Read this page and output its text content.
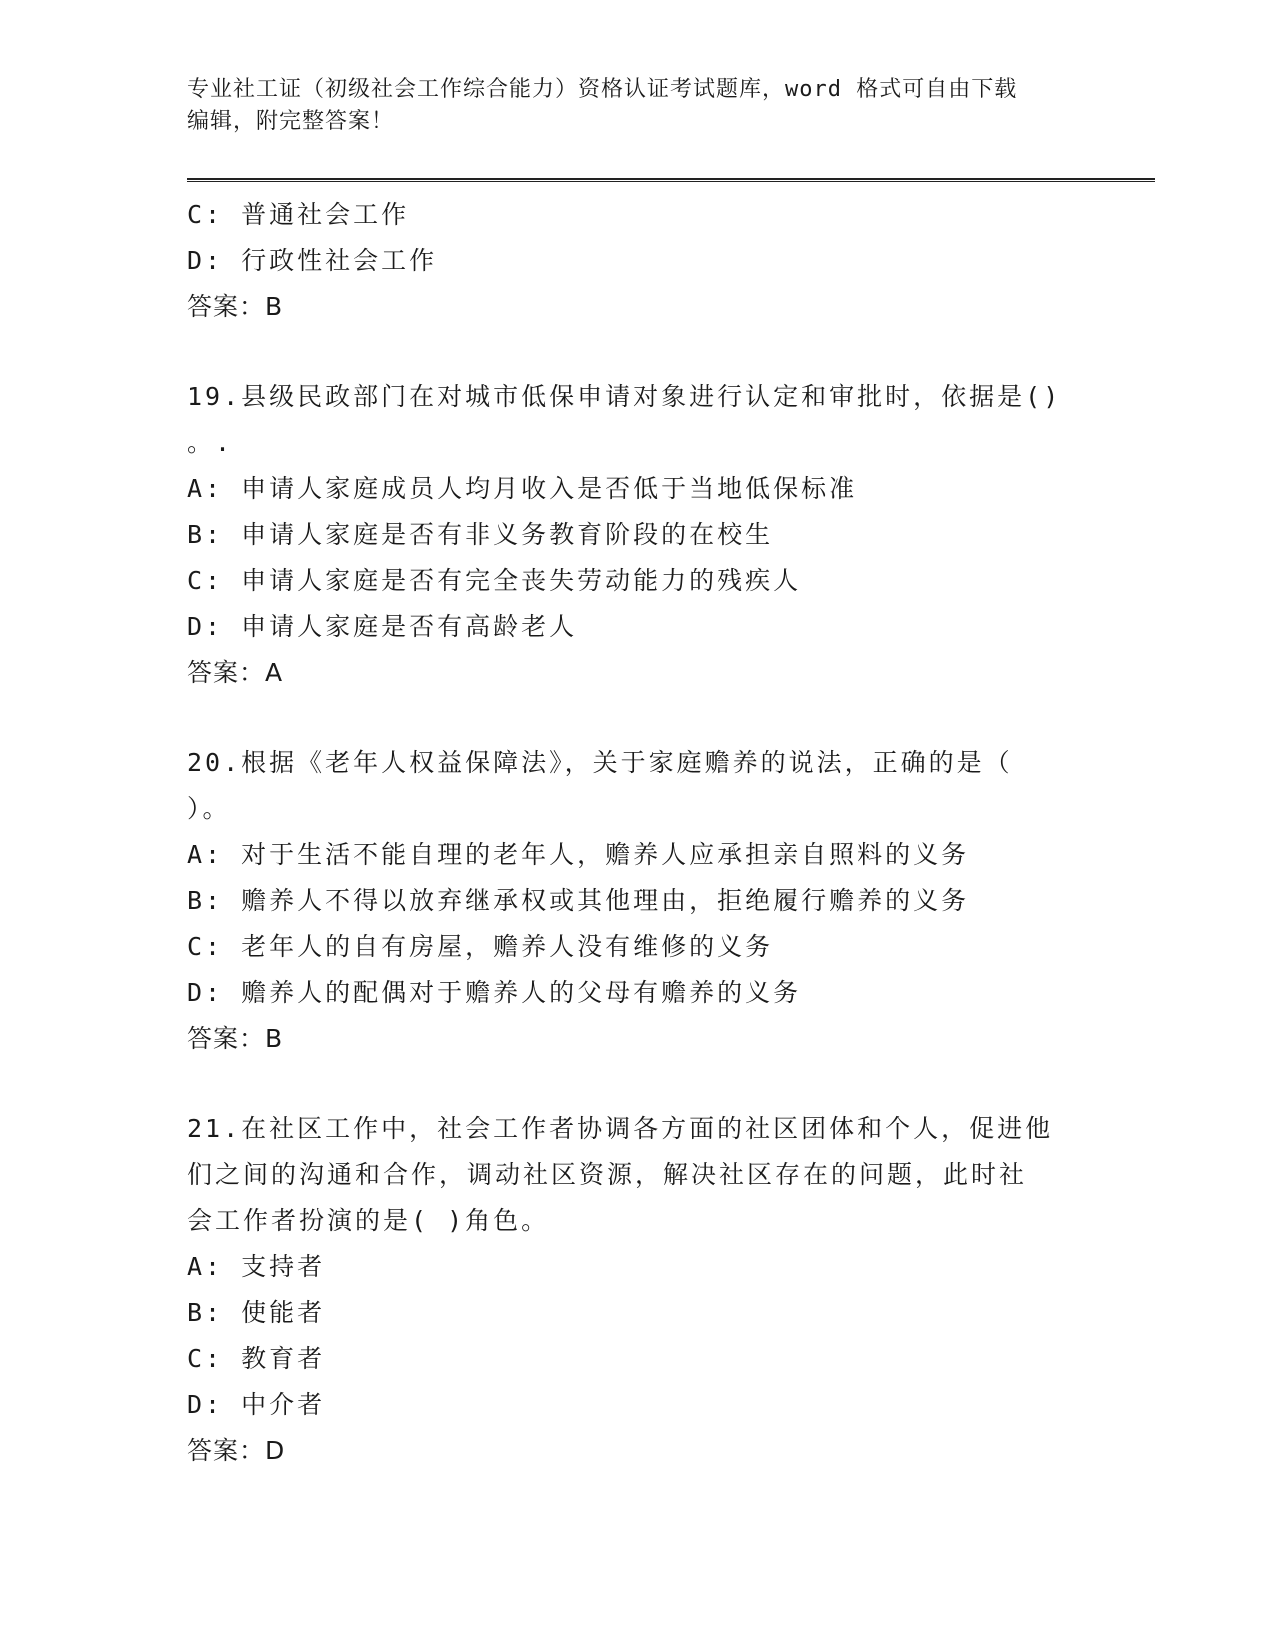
专业社工证（初级社会工作综合能力）资格认证考试题库，word 格式可自由下载
编辑，附完整答案！
C: 普通社会工作
D: 行政性社会工作
答案：B
19.县级民政部门在对城市低保申请对象进行认定和审批时，依据是()
。.
A: 申请人家庭成员人均月收入是否低于当地低保标准
B: 申请人家庭是否有非义务教育阶段的在校生
C: 申请人家庭是否有完全丧失劳动能力的残疾人
D: 申请人家庭是否有高龄老人
答案：A
20.根据《老年人权益保障法》，关于家庭赡养的说法，正确的是（
）。
A: 对于生活不能自理的老年人，赡养人应承担亲自照料的义务
B: 赡养人不得以放弃继承权或其他理由，拒绝履行赡养的义务
C: 老年人的自有房屋，赡养人没有维修的义务
D: 赡养人的配偶对于赡养人的父母有赡养的义务
答案：B
21.在社区工作中，社会工作者协调各方面的社区团体和个人，促进他
们之间的沟通和合作，调动社区资源，解决社区存在的问题，此时社
会工作者扮演的是( )角色。
A: 支持者
B: 使能者
C: 教育者
D: 中介者
答案：D
